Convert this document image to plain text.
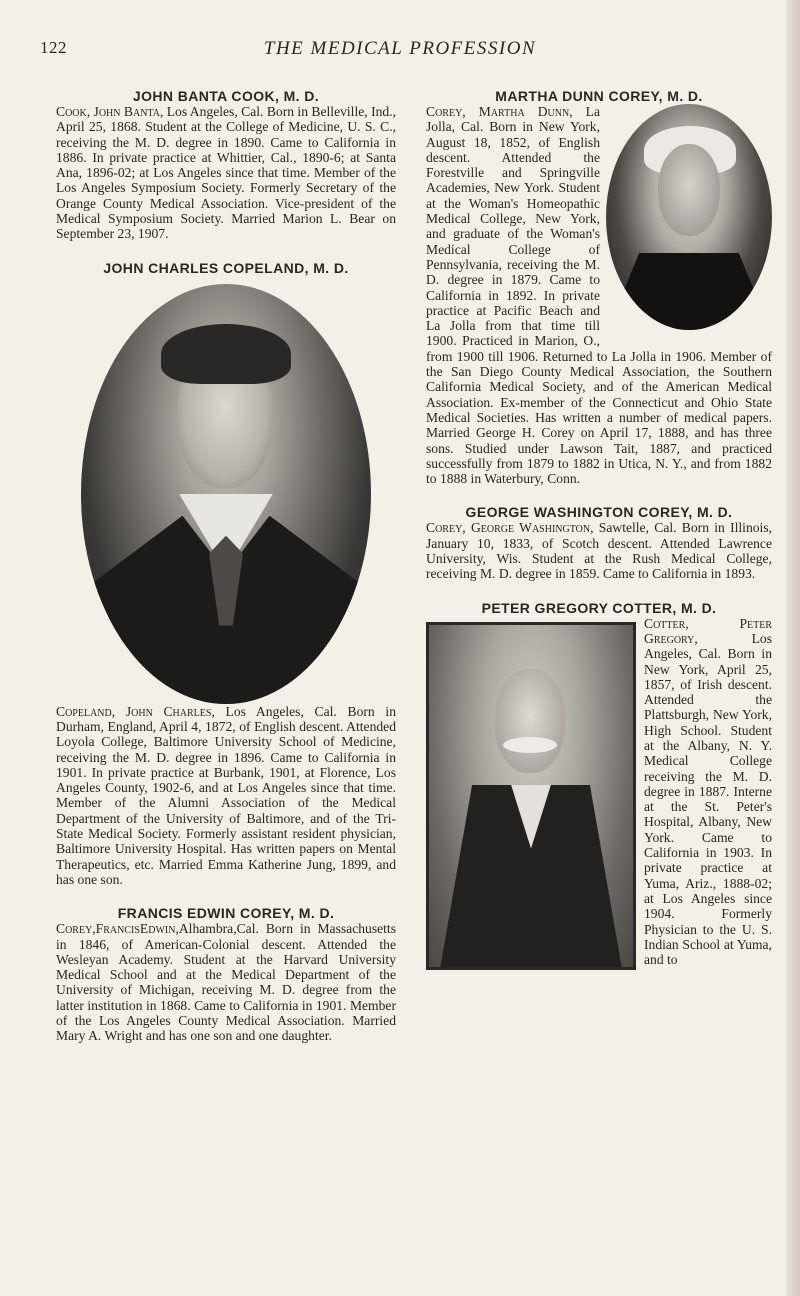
122	THE MEDICAL PROFESSION
JOHN BANTA COOK, M. D.

Cook, John Banta, Los Angeles, Cal. Born in Belleville, Ind., April 25, 1868. Student at the College of Medicine, U. S. C., receiving the M. D. degree in 1890. Came to California in 1886. In private practice at Whittier, Cal., 1890-6; at Santa Ana, 1896-02; at Los Angeles since that time. Member of the Los Angeles Symposium Society. Formerly Secretary of the Orange County Medical Association. Vice-president of the Medical Symposium Society. Married Marion L. Bear on September 23, 1907.

JOHN CHARLES COPELAND, M. D.

Copeland, John Charles, Los Angeles, Cal. Born in Durham, England, April 4, 1872, of English descent. Attended Loyola College, Baltimore University School of Medicine, receiving the M. D. degree in 1896. Came to California in 1901. In private practice at Burbank, 1901, at Florence, Los Angeles County, 1902-6, and at Los Angeles since that time. Member of the Alumni Association of the Medical Department of the University of Baltimore, and of the Tri-State Medical Society. Formerly assistant resident physician, Baltimore University Hospital. Has written papers on Mental Therapeutics, etc. Married Emma Katherine Jung, 1899, and has one son.

FRANCIS EDWIN COREY, M. D.

Corey,FrancisEdwin,Alhambra,Cal. Born in Massachusetts in 1846, of American-Colonial descent. Attended the Wesleyan Academy. Student at the Harvard University Medical School and at the Medical Department of the University of Michigan, receiving M. D. degree from the latter institution in 1868. Came to California in 1901. Member of the Los Angeles County Medical Association. Married Mary A. Wright and has one son and one daughter.

MARTHA DUNN COREY, M. D.

Corey, Martha Dunn, La Jolla, Cal. Born in New York, August 18, 1852, of English descent. Attended the Forestville and Springville Academies, New York. Student at the Woman's Homeopathic Medical College, New York, and graduate of the Woman's Medical College of Pennsylvania, receiving the M. D. degree in 1879. Came to California in 1892. In private practice at Pacific Beach and La Jolla from that time till 1900. Practiced in Marion, O., from 1900 till 1906. Returned to La Jolla in 1906. Member of the San Diego County Medical Association, the Southern California Medical Society, and of the American Medical Association. Ex-member of the Connecticut and Ohio State Medical Societies. Has written a number of medical papers. Married George H. Corey on April 17, 1888, and has three sons. Studied under Lawson Tait, 1887, and practiced successfully from 1879 to 1882 in Utica, N. Y., and from 1882 to 1888 in Waterbury, Conn.

GEORGE WASHINGTON COREY, M. D.

Corey, George Washington, Sawtelle, Cal. Born in Illinois, January 10, 1833, of Scotch descent. Attended Lawrence University, Wis. Student at the Rush Medical College, receiving M. D. degree in 1859. Came to California in 1893.

PETER GREGORY COTTER, M. D.

Cotter, Peter Gregory, Los Angeles, Cal. Born in New York, April 25, 1857, of Irish descent. Attended the Plattsburgh, New York, High School. Student at the Albany, N. Y. Medical College receiving the M. D. degree in 1887. Interne at the St. Peter's Hospital, Albany, New York. Came to California in 1903. In private practice at Yuma, Ariz., 1888-02; at Los Angeles since 1904. Formerly Physician to the U. S. Indian School at Yuma, and to
